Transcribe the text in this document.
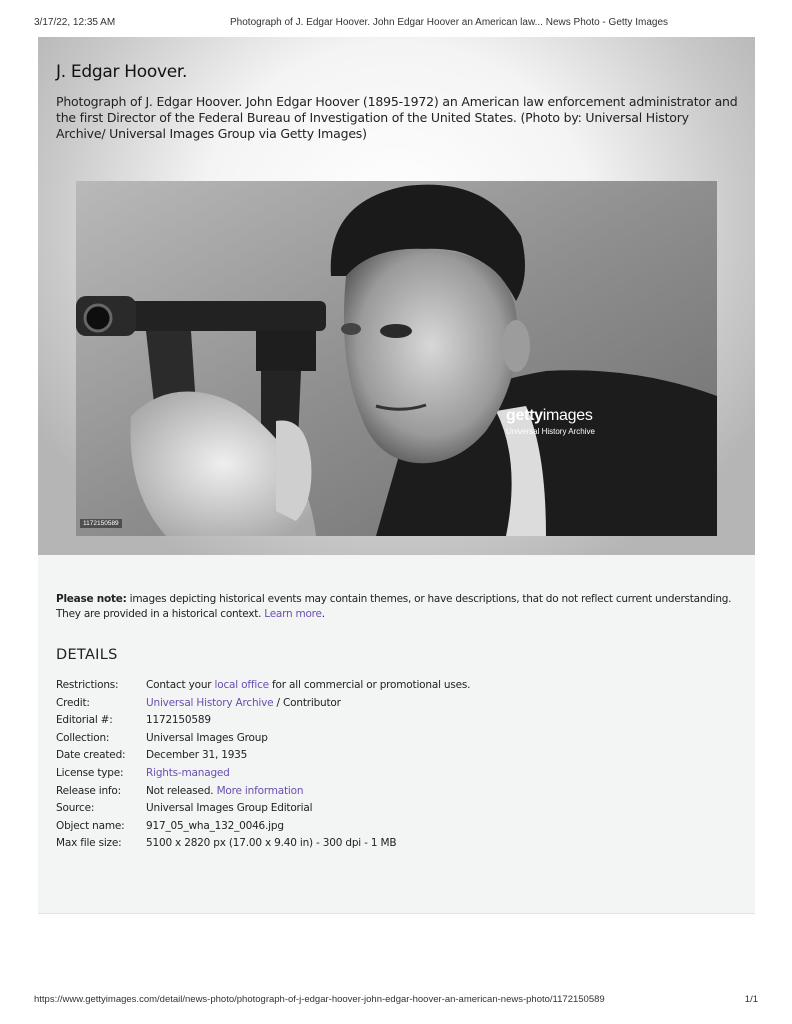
3/17/22, 12:35 AM	Photograph of J. Edgar Hoover. John Edgar Hoover an American law... News Photo - Getty Images
J. Edgar Hoover.
Photograph of J. Edgar Hoover. John Edgar Hoover (1895-1972) an American law enforcement administrator and the first Director of the Federal Bureau of Investigation of the United States. (Photo by: Universal History Archive/ Universal Images Group via Getty Images)
gettyimages
Universal History Archive
1172150589
Please note: images depicting historical events may contain themes, or have descriptions, that do not reflect current understanding. They are provided in a historical context. Learn more.
DETAILS
Restrictions:	Contact your local office for all commercial or promotional uses.
Credit:	Universal History Archive / Contributor
Editorial #:	1172150589
Collection:	Universal Images Group
Date created: December 31, 1935
License type: Rights-managed
Release info: Not released. More information
Source:	Universal Images Group Editorial
Object name: 917_05_wha_132_0046.jpg
Max file size: 5100 x 2820 px (17.00 x 9.40 in) - 300 dpi - 1 MB
https://www.gettyimages.com/detail/news-photo/photograph-of-j-edgar-hoover-john-edgar-hoover-an-american-news-photo/1172150589	1/1
